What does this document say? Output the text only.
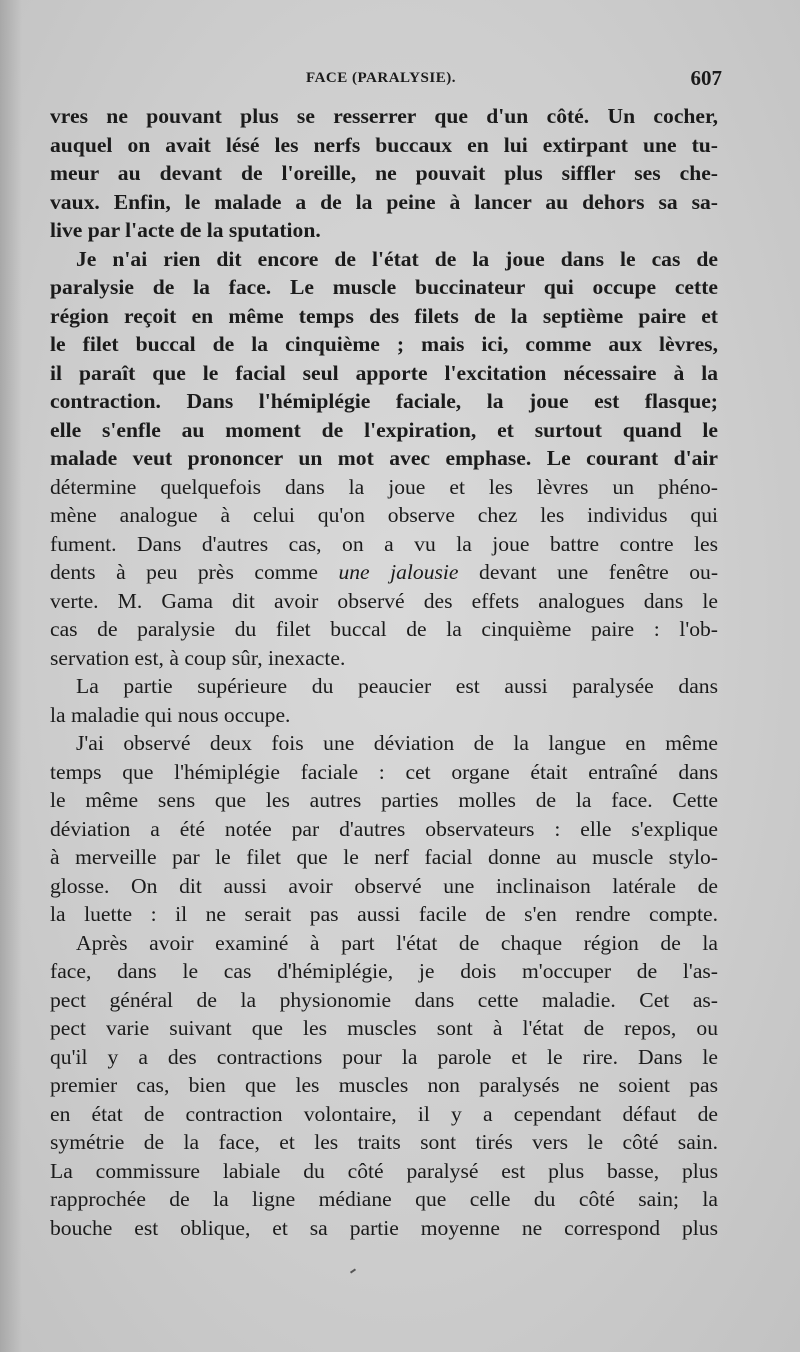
FACE (PARALYSIE).	607
vres ne pouvant plus se resserrer que d'un côté. Un cocher,
auquel on avait lésé les nerfs buccaux en lui extirpant une tu-
meur au devant de l'oreille, ne pouvait plus siffler ses che-
vaux. Enfin, le malade a de la peine à lancer au dehors sa sa-
live par l'acte de la sputation.
Je n'ai rien dit encore de l'état de la joue dans le cas de
paralysie de la face. Le muscle buccinateur qui occupe cette
région reçoit en même temps des filets de la septième paire et
le filet buccal de la cinquième ; mais ici, comme aux lèvres,
il paraît que le facial seul apporte l'excitation nécessaire à la
contraction. Dans l'hémiplégie faciale, la joue est flasque;
elle s'enfle au moment de l'expiration, et surtout quand le
malade veut prononcer un mot avec emphase. Le courant d'air
détermine quelquefois dans la joue et les lèvres un phéno-
mène analogue à celui qu'on observe chez les individus qui
fument. Dans d'autres cas, on a vu la joue battre contre les
dents à peu près comme une jalousie devant une fenêtre ou-
verte. M. Gama dit avoir observé des effets analogues dans le
cas de paralysie du filet buccal de la cinquième paire : l'ob-
servation est, à coup sûr, inexacte.
La partie supérieure du peaucier est aussi paralysée dans
la maladie qui nous occupe.
J'ai observé deux fois une déviation de la langue en même
temps que l'hémiplégie faciale : cet organe était entraîné dans
le même sens que les autres parties molles de la face. Cette
déviation a été notée par d'autres observateurs : elle s'explique
à merveille par le filet que le nerf facial donne au muscle stylo-
glosse. On dit aussi avoir observé une inclinaison latérale de
la luette : il ne serait pas aussi facile de s'en rendre compte.
Après avoir examiné à part l'état de chaque région de la
face, dans le cas d'hémiplégie, je dois m'occuper de l'as-
pect général de la physionomie dans cette maladie. Cet as-
pect varie suivant que les muscles sont à l'état de repos, ou
qu'il y a des contractions pour la parole et le rire. Dans le
premier cas, bien que les muscles non paralysés ne soient pas
en état de contraction volontaire, il y a cependant défaut de
symétrie de la face, et les traits sont tirés vers le côté sain.
La commissure labiale du côté paralysé est plus basse, plus
rapprochée de la ligne médiane que celle du côté sain; la
bouche est oblique, et sa partie moyenne ne correspond plus
